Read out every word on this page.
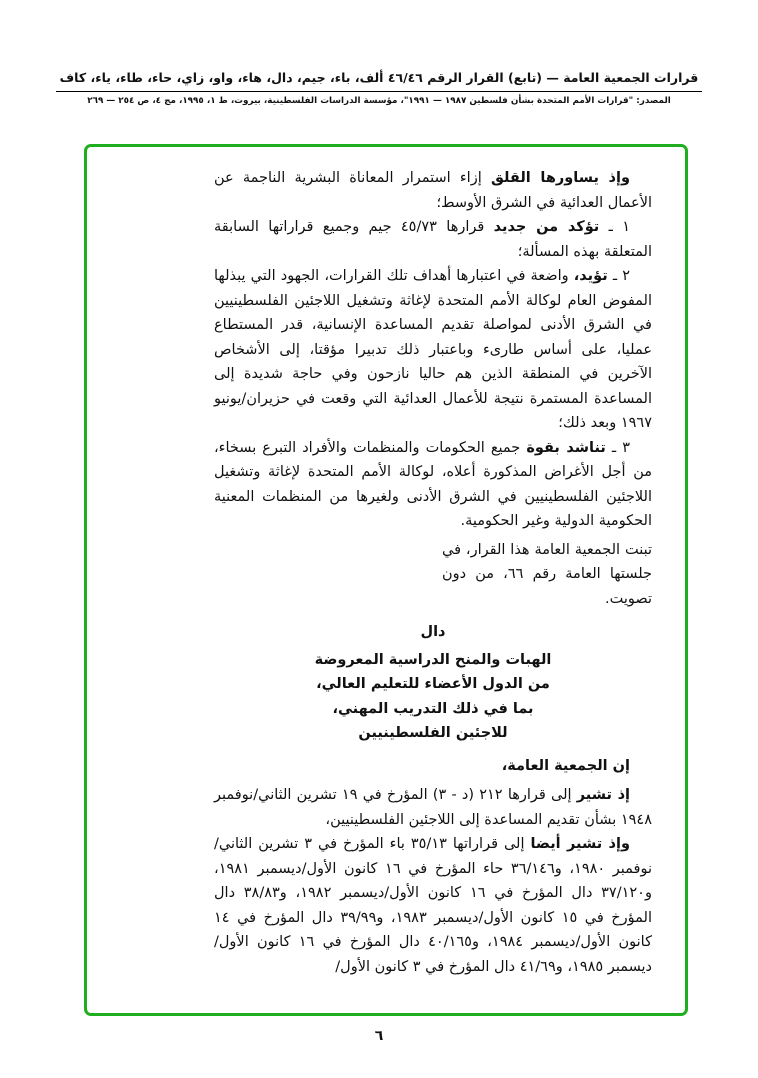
قرارات الجمعية العامة — (تابع) القرار الرقم ٤٦/٤٦ ألف، باء، جيم، دال، هاء، واو، زاي، حاء، طاء، ياء، كاف
المصدر: "قرارات الأمم المتحدة بشأن فلسطين ١٩٨٧ — ١٩٩١"، مؤسسة الدراسات الفلسطينية، بيروت، ط ١، ١٩٩٥، مج ٤، ص ٢٥٤ — ٢٦٩

وإذ يساورها القلق إزاء استمرار المعاناة البشرية الناجمة عن الأعمال العدائية في الشرق الأوسط؛

١ ـ تؤكد من جديد قرارها ٤٥/٧٣ جيم وجميع قراراتها السابقة المتعلقة بهذه المسألة؛

٢ ـ تؤيد، واضعة في اعتبارها أهداف تلك القرارات، الجهود التي يبذلها المفوض العام لوكالة الأمم المتحدة لإغاثة وتشغيل اللاجئين الفلسطينيين في الشرق الأدنى لمواصلة تقديم المساعدة الإنسانية، قدر المستطاع عمليا، على أساس طارىء وباعتبار ذلك تدبيرا مؤقتا، إلى الأشخاص الآخرين في المنطقة الذين هم حاليا نازحون وفي حاجة شديدة إلى المساعدة المستمرة نتيجة للأعمال العدائية التي وقعت في حزيران/يونيو ١٩٦٧ وبعد ذلك؛

٣ ـ تناشد بقوة جميع الحكومات والمنظمات والأفراد التبرع بسخاء، من أجل الأغراض المذكورة أعلاه، لوكالة الأمم المتحدة لإغاثة وتشغيل اللاجئين الفلسطينيين في الشرق الأدنى ولغيرها من المنظمات المعنية الحكومية الدولية وغير الحكومية.

تبنت الجمعية العامة هذا القرار، في جلستها العامة رقم ٦٦، من دون تصويت.

دال

الهبات والمنح الدراسية المعروضة

من الدول الأعضاء للتعليم العالي،

بما في ذلك التدريب المهني،

للاجئين الفلسطينيين

إن الجمعية العامة،

إذ تشير إلى قرارها ٢١٢ (د - ٣) المؤرخ في ١٩ تشرين الثاني/نوفمبر ١٩٤٨ بشأن تقديم المساعدة إلى اللاجئين الفلسطينيين،

وإذ تشير أيضا إلى قراراتها ٣٥/١٣ باء المؤرخ في ٣ تشرين الثاني/نوفمبر ١٩٨٠، و٣٦/١٤٦ حاء المؤرخ في ١٦ كانون الأول/ديسمبر ١٩٨١، و٣٧/١٢٠ دال المؤرخ في ١٦ كانون الأول/ديسمبر ١٩٨٢، و٣٨/٨٣ دال المؤرخ في ١٥ كانون الأول/ديسمبر ١٩٨٣، و٣٩/٩٩ دال المؤرخ في ١٤ كانون الأول/ديسمبر ١٩٨٤، و٤٠/١٦٥ دال المؤرخ في ١٦ كانون الأول/ديسمبر ١٩٨٥، و٤١/٦٩ دال المؤرخ في ٣ كانون الأول/

٦
